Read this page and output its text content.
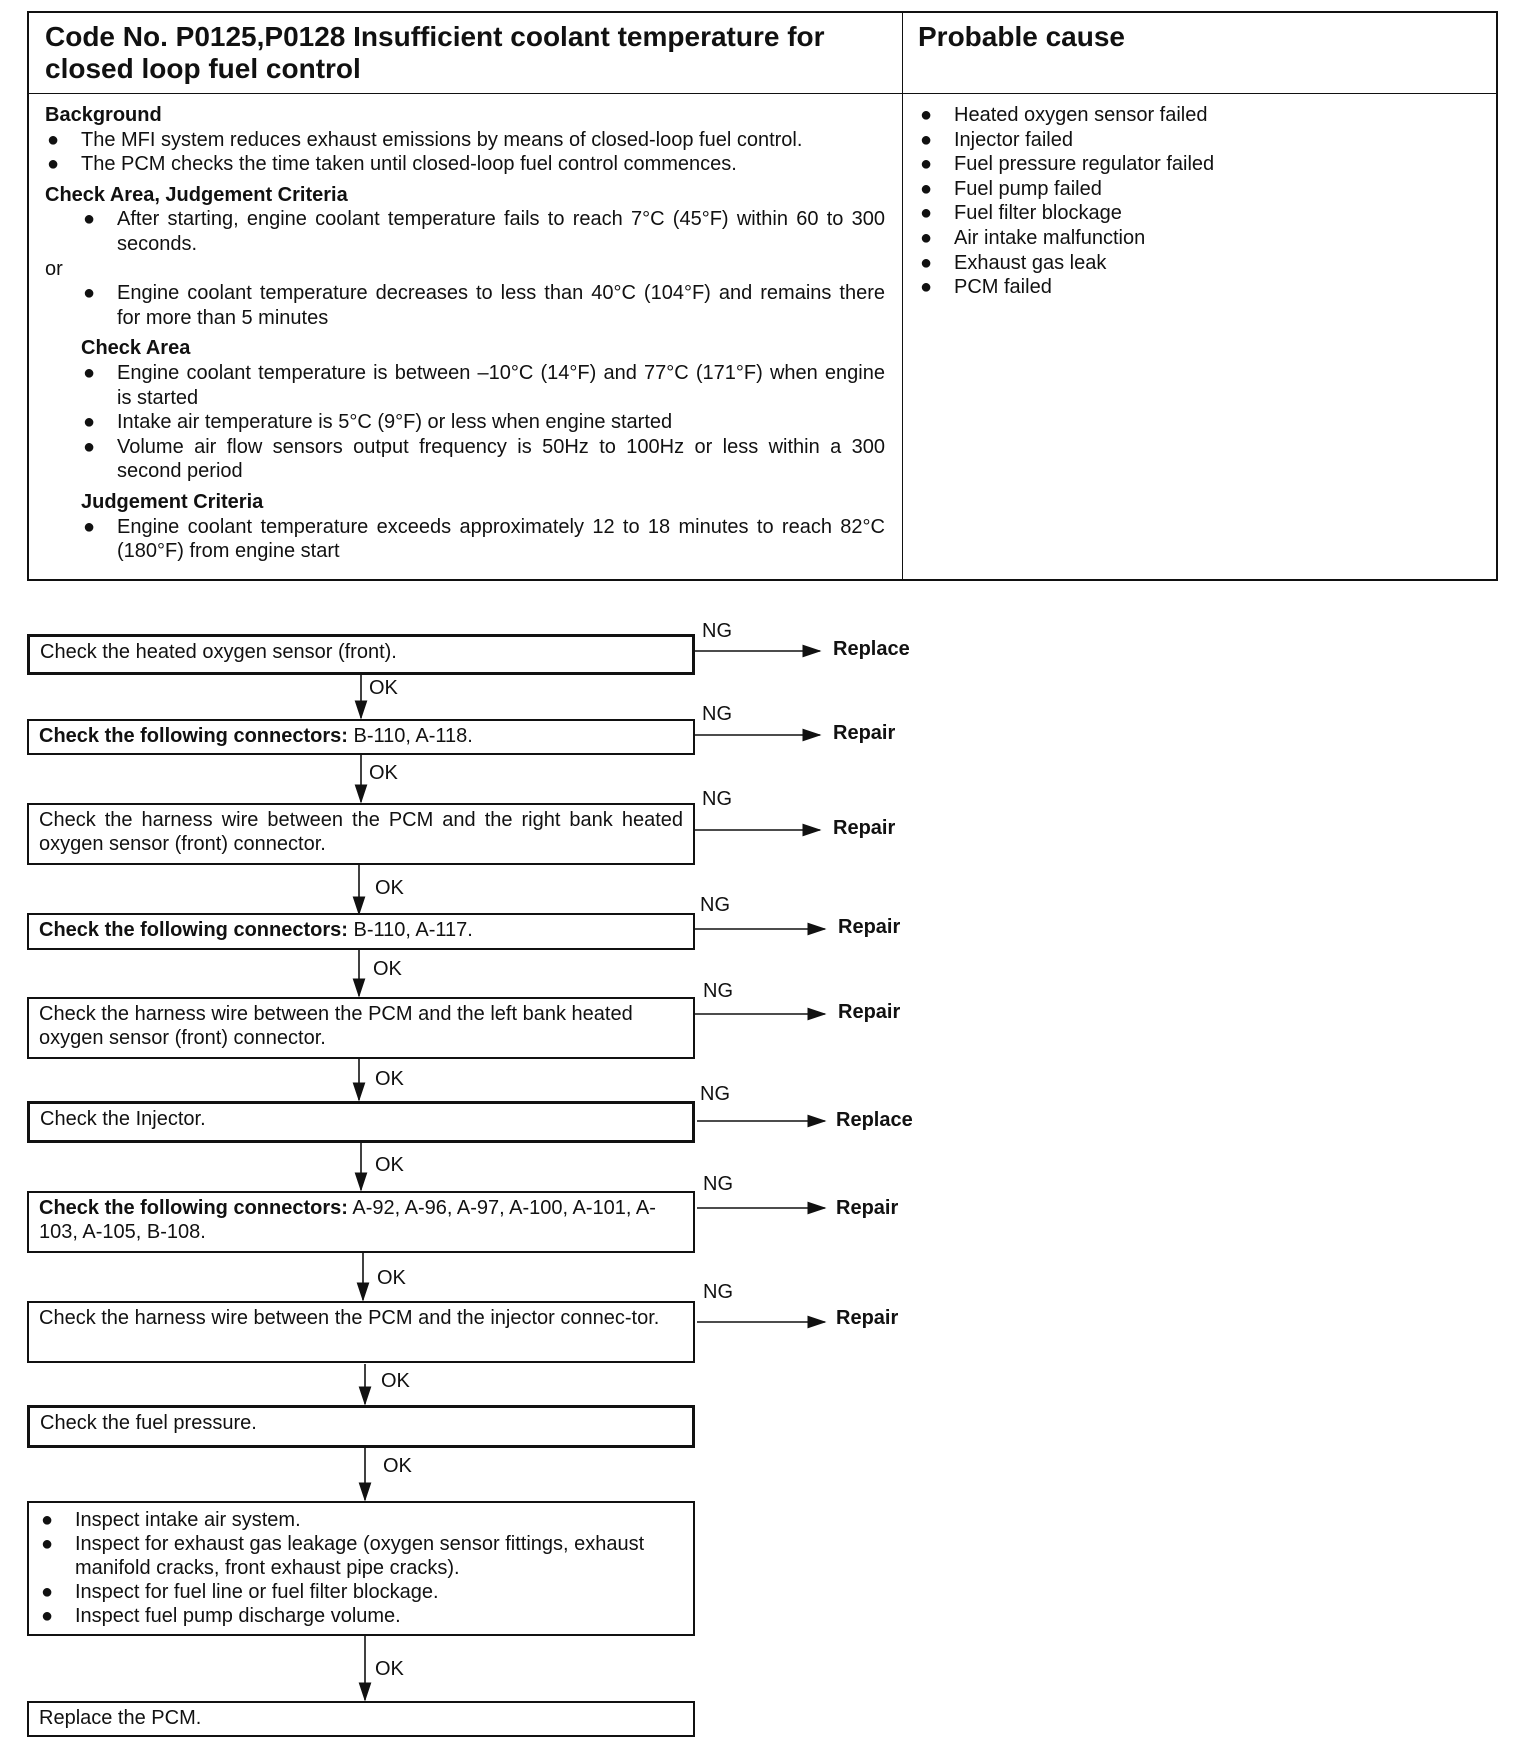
Code No. P0125,P0128 Insufficient coolant temperature for closed loop fuel control
Probable cause
Background
● The MFI system reduces exhaust emissions by means of closed-loop fuel control.
● The PCM checks the time taken until closed-loop fuel control commences.
Check Area, Judgement Criteria
● After starting, engine coolant temperature fails to reach 7°C (45°F) within 60 to 300 seconds.
or
● Engine coolant temperature decreases to less than 40°C (104°F) and remains there for more than 5 minutes
Check Area
● Engine coolant temperature is between –10°C (14°F) and 77°C (171°F) when engine is started
● Intake air temperature is 5°C (9°F) or less when engine started
● Volume air flow sensors output frequency is 50Hz to 100Hz or less within a 300 second period
Judgement Criteria
● Engine coolant temperature exceeds approximately 12 to 18 minutes to reach 82°C (180°F) from engine start
● Heated oxygen sensor failed
● Injector failed
● Fuel pressure regulator failed
● Fuel pump failed
● Fuel filter blockage
● Air intake malfunction
● Exhaust gas leak
● PCM failed
Check the heated oxygen sensor (front).
NG
Replace
OK
Check the following connectors: B-110, A-118.
NG
Repair
OK
Check the harness wire between the PCM and the right bank heated oxygen sensor (front) connector.
NG
Repair
OK
Check the following connectors: B-110, A-117.
NG
Repair
OK
Check the harness wire between the PCM and the left bank heated oxygen sensor (front) connector.
NG
Repair
OK
Check the Injector.
NG
Replace
OK
Check the following connectors: A-92, A-96, A-97, A-100, A-101, A-103, A-105, B-108.
NG
Repair
OK
Check the harness wire between the PCM and the injector connec-tor.
NG
Repair
OK
Check the fuel pressure.
OK
● Inspect intake air system.
● Inspect for exhaust gas leakage (oxygen sensor fittings, exhaust manifold cracks, front exhaust pipe cracks).
● Inspect for fuel line or fuel filter blockage.
● Inspect fuel pump discharge volume.
OK
Replace the PCM.
